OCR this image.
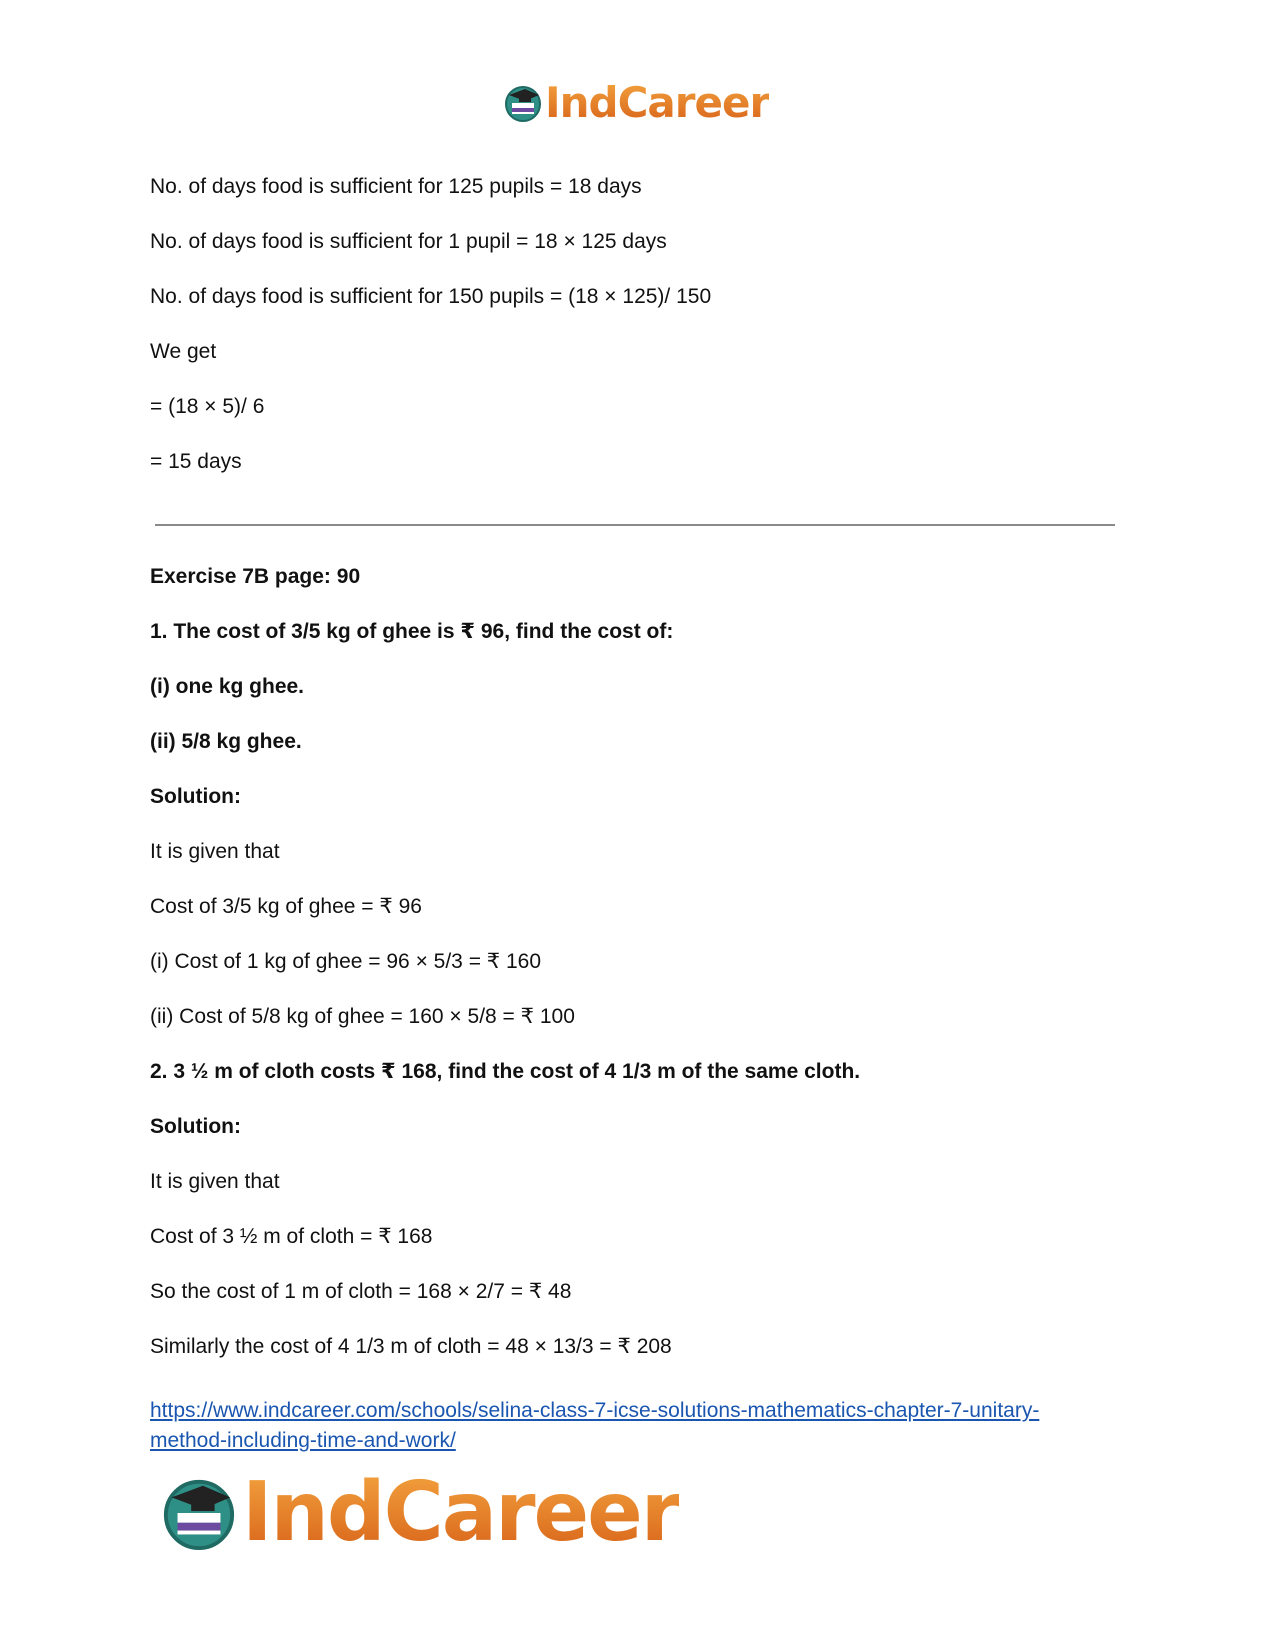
IndCareer
No. of days food is sufficient for 125 pupils = 18 days
No. of days food is sufficient for 1 pupil = 18 × 125 days
No. of days food is sufficient for 150 pupils = (18 × 125)/ 150
We get
= (18 × 5)/ 6
= 15 days
Exercise 7B page: 90
1. The cost of 3/5 kg of ghee is ₹ 96, find the cost of:
(i) one kg ghee.
(ii) 5/8 kg ghee.
Solution:
It is given that
Cost of 3/5 kg of ghee = ₹ 96
(i) Cost of 1 kg of ghee = 96 × 5/3 = ₹ 160
(ii) Cost of 5/8 kg of ghee = 160 × 5/8 = ₹ 100
2. 3 ½ m of cloth costs ₹ 168, find the cost of 4 1/3 m of the same cloth.
Solution:
It is given that
Cost of 3 ½ m of cloth = ₹ 168
So the cost of 1 m of cloth = 168 × 2/7 = ₹ 48
Similarly the cost of 4 1/3 m of cloth = 48 × 13/3 = ₹ 208
https://www.indcareer.com/schools/selina-class-7-icse-solutions-mathematics-chapter-7-unitary-
method-including-time-and-work/
IndCareer
